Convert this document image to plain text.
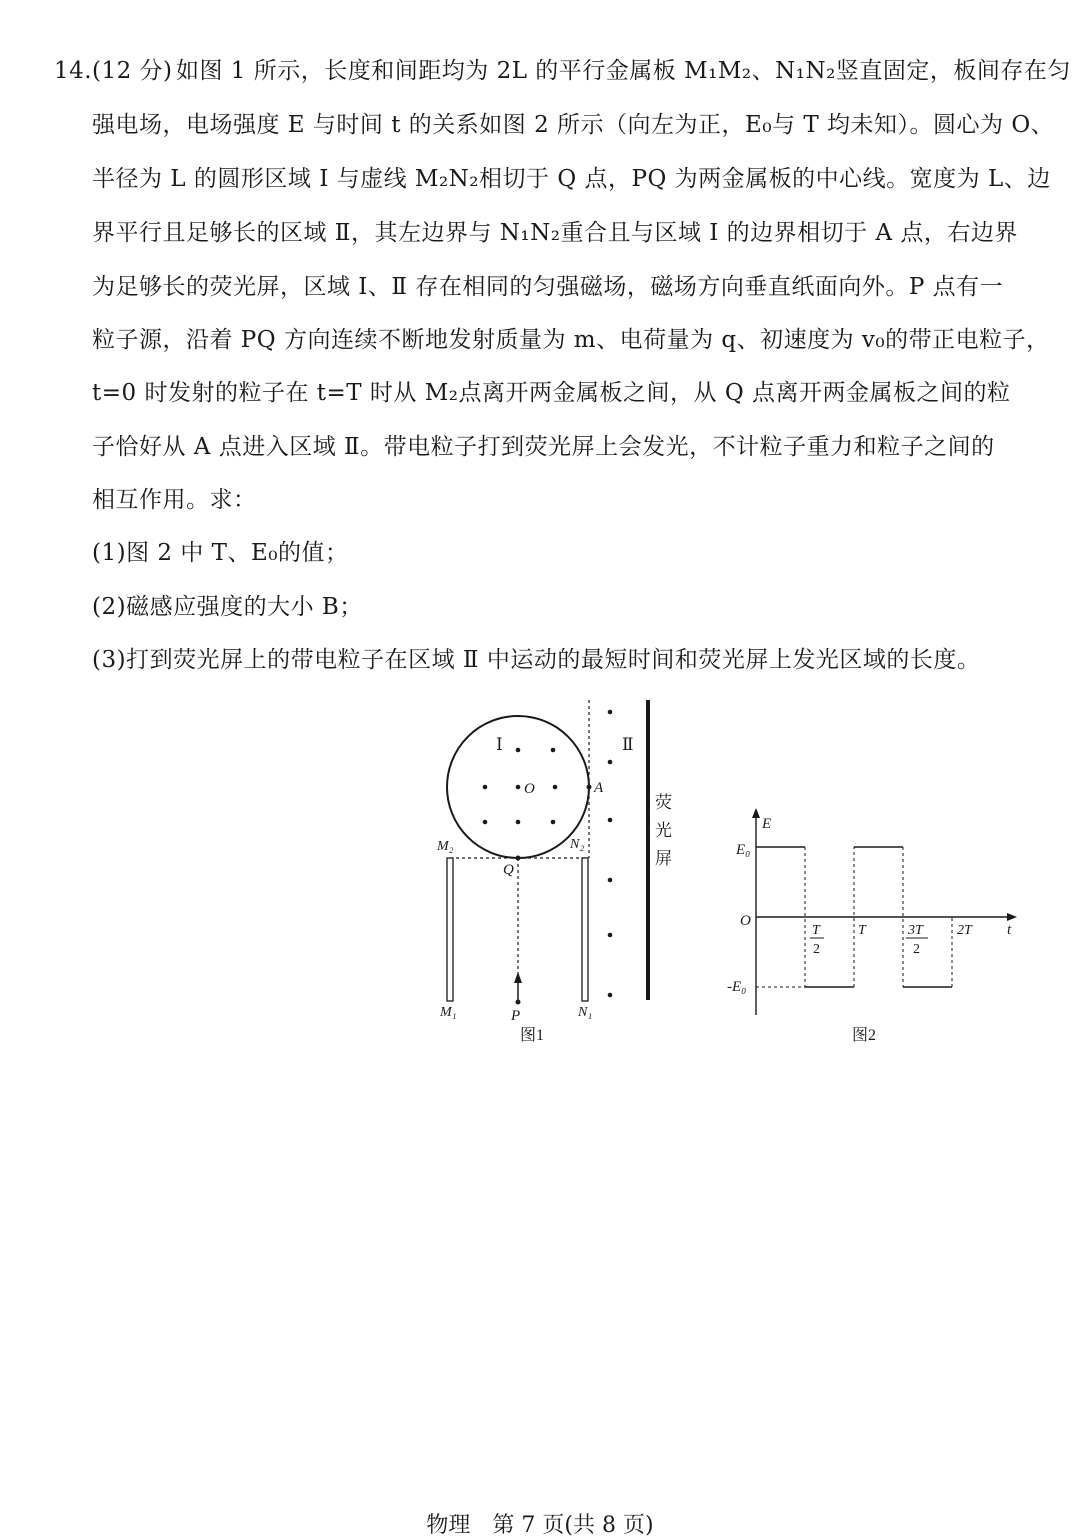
14. (12 分) 如图 1 所示，长度和间距均为 2L 的平行金属板 M₁M₂、N₁N₂竖直固定，板间存在匀
强电场，电场强度 E 与时间 t 的关系如图 2 所示（向左为正，E₀与 T 均未知）。圆心为 O、
半径为 L 的圆形区域 Ⅰ 与虚线 M₂N₂相切于 Q 点，PQ 为两金属板的中心线。宽度为 L、边
界平行且足够长的区域 Ⅱ，其左边界与 N₁N₂重合且与区域 Ⅰ 的边界相切于 A 点，右边界
为足够长的荧光屏，区域 Ⅰ、Ⅱ 存在相同的匀强磁场，磁场方向垂直纸面向外。P 点有一
粒子源，沿着 PQ 方向连续不断地发射质量为 m、电荷量为 q、初速度为 v₀的带正电粒子，
t=0 时发射的粒子在 t=T 时从 M₂点离开两金属板之间，从 Q 点离开两金属板之间的粒
子恰好从 A 点进入区域 Ⅱ。带电粒子打到荧光屏上会发光，不计粒子重力和粒子之间的
相互作用。求：
(1)图 2 中 T、E₀的值；
(2)磁感应强度的大小 B；
(3)打到荧光屏上的带电粒子在区域 Ⅱ 中运动的最短时间和荧光屏上发光区域的长度。
Ⅰ
O
Q
M₂	N₂
M₁	N₁
P
A
Ⅱ
荧
光
屏
图1
E
t
O
E₀
-E₀
T
2
T	3T
2
2T
图2
物理　第 7 页(共 8 页)
